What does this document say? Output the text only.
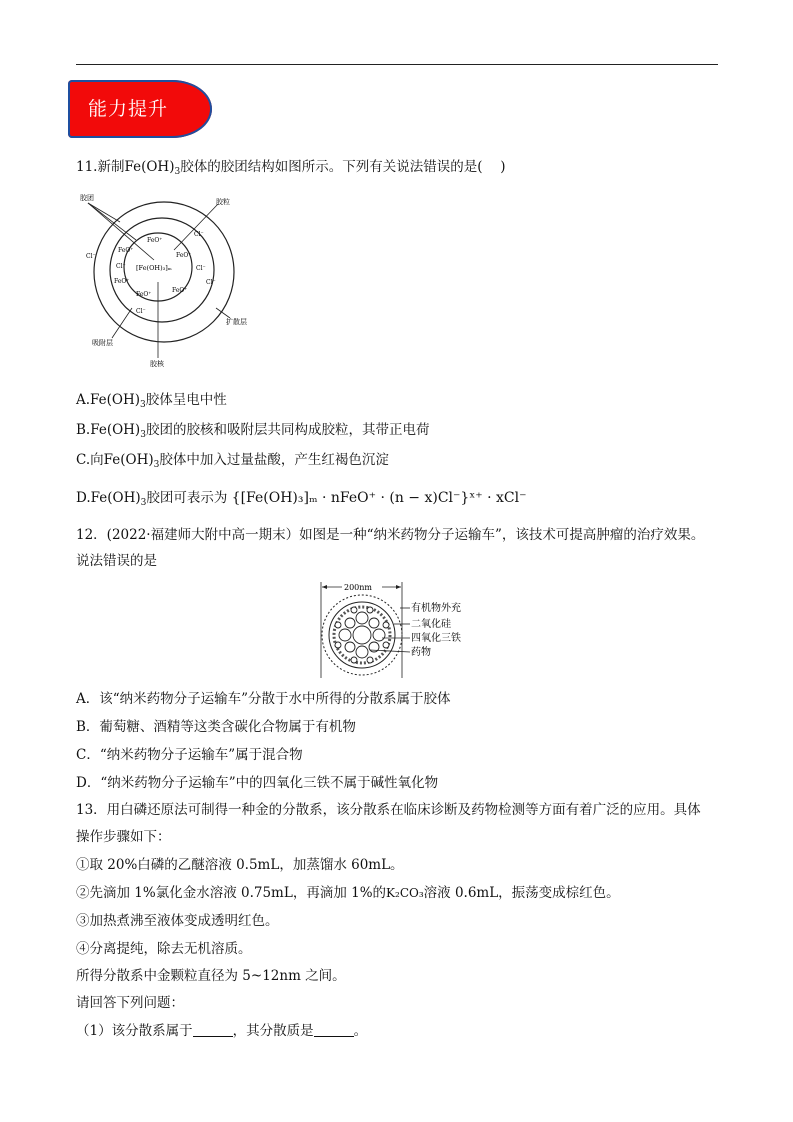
能力提升
11.新制$Fe(OH)_3$胶体的胶团结构如图所示。下列有关说法错误的是(　 )
胶团	胶粒
扩散层
吸附层
胶核
[Fe(OH)₃]ₘ
FeO⁺
FeO⁺
FeO⁺
FeO⁺
FeO⁺
FeO⁺
Cl⁻
Cl⁻
Cl⁻	Cl⁻
Cl⁻
Cl⁻
$A.Fe(OH)_3$胶体呈电中性
$B.Fe(OH)_3$胶团的胶核和吸附层共同构成胶粒，其带正电荷
C.向$Fe(OH)_3$胶体中加入过量盐酸，产生红褐色沉淀
$D.Fe(OH)_3$胶团可表示为 {[Fe(OH)₃]ₘ · nFeO⁺ · (n − x)Cl⁻}ˣ⁺ · xCl⁻
12．(2022·福建师大附中高一期末）如图是一种“纳米药物分子运输车”，该技术可提高肿瘤的治疗效果。
说法错误的是
200nm
有机物外充
二氧化硅
四氧化三铁
药物
A．该“纳米药物分子运输车”分散于水中所得的分散系属于胶体
B．葡萄糖、酒精等这类含碳化合物属于有机物
C．“纳米药物分子运输车”属于混合物
D．“纳米药物分子运输车”中的四氧化三铁不属于碱性氧化物
13．用白磷还原法可制得一种金的分散系，该分散系在临床诊断及药物检测等方面有着广泛的应用。具体
操作步骤如下：
①取 20%白磷的乙醚溶液 0.5mL，加蒸馏水 60mL。
②先滴加 1%氯化金水溶液 0.75mL，再滴加 1%的K₂CO₃溶液 0.6mL，振荡变成棕红色。
③加热煮沸至液体变成透明红色。
④分离提纯，除去无机溶质。
所得分散系中金颗粒直径为 5~12nm 之间。
请回答下列问题：
（1）该分散系属于	，其分散质是	。
